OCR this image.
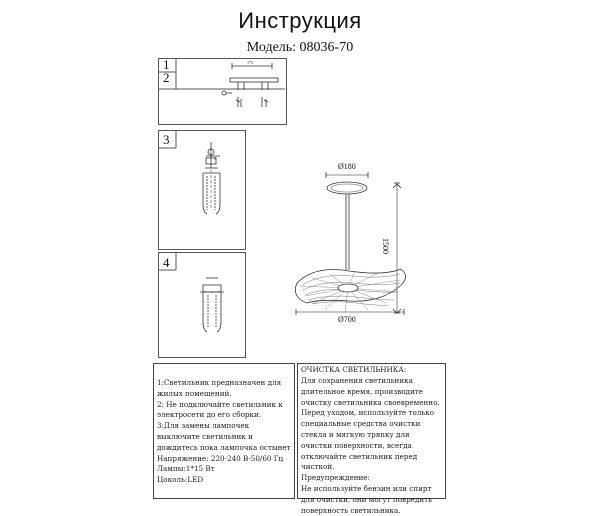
Инструкция
Модель: 08036-70
1
2
3
4
175
1
Ø180
Ø700
1500
1:Светильник предназначен для жилых помещений.
2: Не подключайте светильник к электросети до его сборки.
3:Для замены лампочек выключите светильник и дождитесь пока лампочка остынет
Напряжение: 220-240 В-50/60 Гц
Лампы:1*15 Вт
Цоколь:LED
ОЧИСТКА СВЕТИЛЬНИКА:
Для сохранения светильника длительное время, производите очистку светильника своевременно.
Перед уходом, используйте только специальные средства очистки стекла и мягкую тряпку для очистки поверхности, всегда отключайте светильник перед чисткой.
Предупреждение:
Не используйте бензин или спирт для очистки, они могут повредить поверхность светильника.
